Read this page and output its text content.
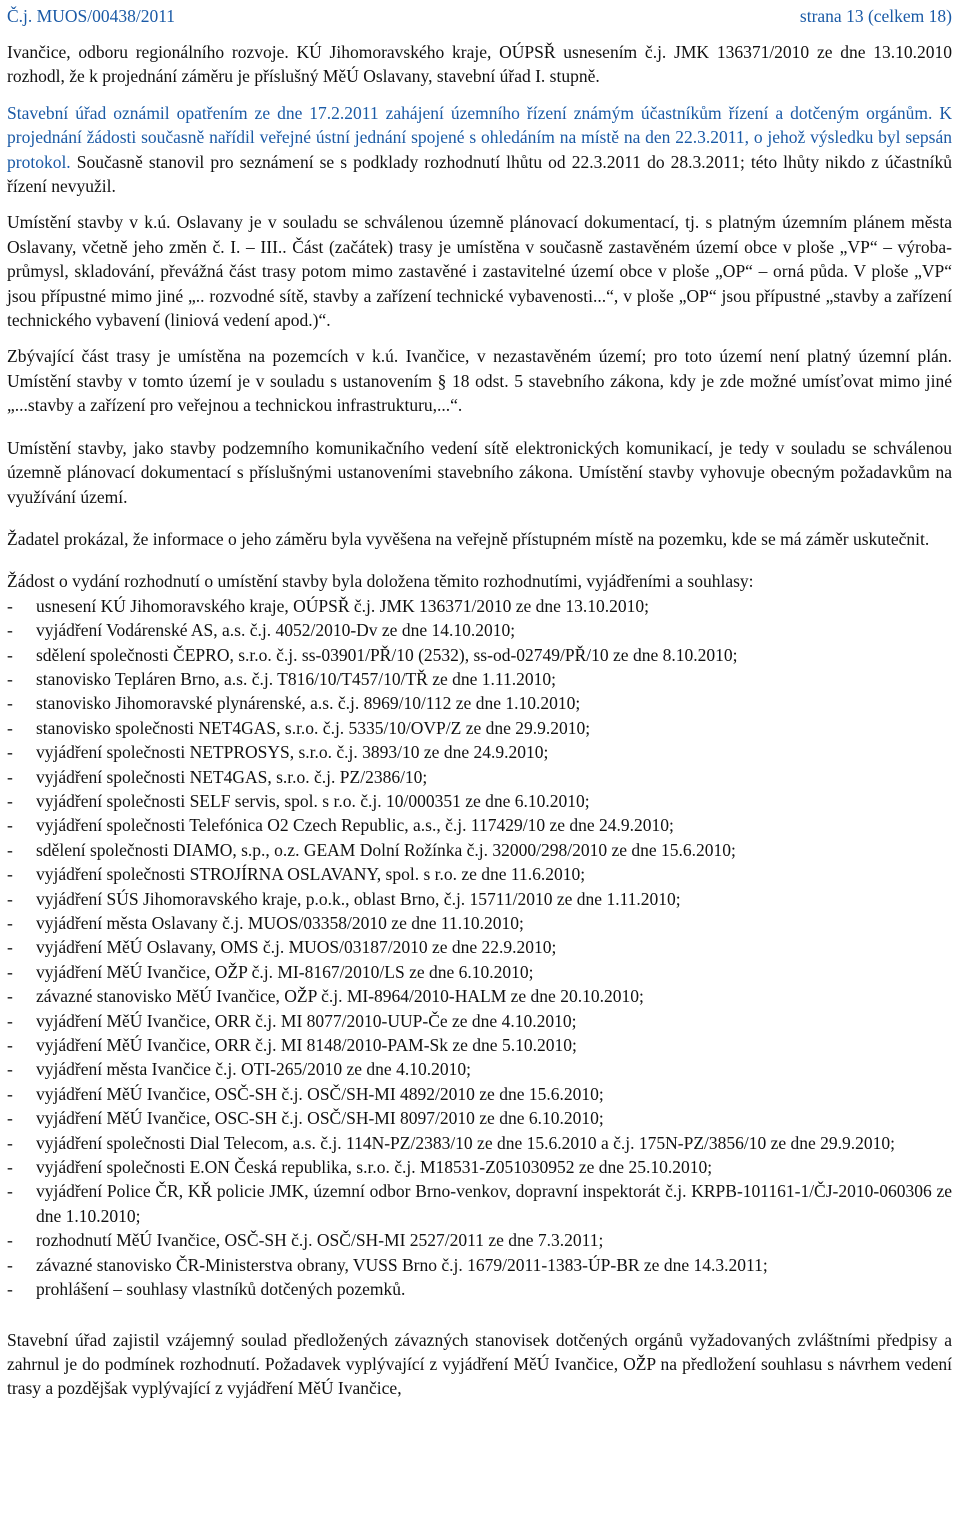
Č.j. MUOS/00438/2011	strana 13 (celkem 18)

Ivančice, odboru regionálního rozvoje. KÚ Jihomoravského kraje, OÚPSŘ usnesením č.j. JMK 136371/2010 ze dne 13.10.2010 rozhodl, že k projednání záměru je příslušný MěÚ Oslavany, stavební úřad I. stupně.

Stavební úřad oznámil opatřením ze dne 17.2.2011 zahájení územního řízení známým účastníkům řízení a dotčeným orgánům. K projednání žádosti současně nařídil veřejné ústní jednání spojené s ohledáním na místě na den 22.3.2011, o jehož výsledku byl sepsán protokol. Současně stanovil pro seznámení se s podklady rozhodnutí lhůtu od 22.3.2011 do 28.3.2011; této lhůty nikdo z účastníků řízení nevyužil.

Umístění stavby v k.ú. Oslavany je v souladu se schválenou územně plánovací dokumentací, tj. s platným územním plánem města Oslavany, včetně jeho změn č. I. – III.. Část (začátek) trasy je umístěna v současně zastavěném území obce v ploše „VP“ – výroba-průmysl, skladování, převážná část trasy potom mimo zastavěné i zastavitelné území obce v ploše „OP“ – orná půda. V ploše „VP“ jsou přípustné mimo jiné „.. rozvodné sítě, stavby a zařízení technické vybavenosti...“, v ploše „OP“ jsou přípustné „stavby a zařízení technického vybavení (liniová vedení apod.)“.

Zbývající část trasy je umístěna na pozemcích v k.ú. Ivančice, v nezastavěném území; pro toto území není platný územní plán. Umístění stavby v tomto území je v souladu s ustanovením § 18 odst. 5 stavebního zákona, kdy je zde možné umísťovat mimo jiné „...stavby a zařízení pro veřejnou a technickou infrastrukturu,...“.

Umístění stavby, jako stavby podzemního komunikačního vedení sítě elektronických komunikací, je tedy v souladu se schválenou územně plánovací dokumentací s příslušnými ustanoveními stavebního zákona. Umístění stavby vyhovuje obecným požadavkům na využívání území.

Žadatel prokázal, že informace o jeho záměru byla vyvěšena na veřejně přístupném místě na pozemku, kde se má záměr uskutečnit.

Žádost o vydání rozhodnutí o umístění stavby byla doložena těmito rozhodnutími, vyjádřeními a souhlasy:

- usnesení KÚ Jihomoravského kraje, OÚPSŘ č.j. JMK 136371/2010 ze dne 13.10.2010;
- vyjádření Vodárenské AS, a.s. č.j. 4052/2010-Dv ze dne 14.10.2010;
- sdělení společnosti ČEPRO, s.r.o. č.j. ss-03901/PŘ/10 (2532), ss-od-02749/PŘ/10 ze dne 8.10.2010;
- stanovisko Tepláren Brno, a.s. č.j. T816/10/T457/10/TŘ ze dne 1.11.2010;
- stanovisko Jihomoravské plynárenské, a.s. č.j. 8969/10/112 ze dne 1.10.2010;
- stanovisko společnosti NET4GAS, s.r.o. č.j. 5335/10/OVP/Z ze dne 29.9.2010;
- vyjádření společnosti NETPROSYS, s.r.o. č.j. 3893/10 ze dne 24.9.2010;
- vyjádření společnosti NET4GAS, s.r.o. č.j. PZ/2386/10;
- vyjádření společnosti SELF servis, spol. s r.o. č.j. 10/000351 ze dne 6.10.2010;
- vyjádření společnosti Telefónica O2 Czech Republic, a.s., č.j. 117429/10 ze dne 24.9.2010;
- sdělení společnosti DIAMO, s.p., o.z. GEAM Dolní Rožínka č.j. 32000/298/2010 ze dne 15.6.2010;
- vyjádření společnosti STROJÍRNA OSLAVANY, spol. s r.o. ze dne 11.6.2010;
- vyjádření SÚS Jihomoravského kraje, p.o.k., oblast Brno, č.j. 15711/2010 ze dne 1.11.2010;
- vyjádření města Oslavany č.j. MUOS/03358/2010 ze dne 11.10.2010;
- vyjádření MěÚ Oslavany, OMS č.j. MUOS/03187/2010 ze dne 22.9.2010;
- vyjádření MěÚ Ivančice, OŽP č.j. MI-8167/2010/LS ze dne 6.10.2010;
- závazné stanovisko MěÚ Ivančice, OŽP č.j. MI-8964/2010-HALM ze dne 20.10.2010;
- vyjádření MěÚ Ivančice, ORR č.j. MI 8077/2010-UUP-Če ze dne 4.10.2010;
- vyjádření MěÚ Ivančice, ORR č.j. MI 8148/2010-PAM-Sk ze dne 5.10.2010;
- vyjádření města Ivančice č.j. OTI-265/2010 ze dne 4.10.2010;
- vyjádření MěÚ Ivančice, OSČ-SH č.j. OSČ/SH-MI 4892/2010 ze dne 15.6.2010;
- vyjádření MěÚ Ivančice, OSC-SH č.j. OSČ/SH-MI 8097/2010 ze dne 6.10.2010;
- vyjádření společnosti Dial Telecom, a.s. č.j. 114N-PZ/2383/10 ze dne 15.6.2010 a č.j. 175N-PZ/3856/10 ze dne 29.9.2010;
- vyjádření společnosti E.ON Česká republika, s.r.o. č.j. M18531-Z051030952 ze dne 25.10.2010;
- vyjádření Police ČR, KŘ policie JMK, územní odbor Brno-venkov, dopravní inspektorát č.j. KRPB-101161-1/ČJ-2010-060306 ze dne 1.10.2010;
- rozhodnutí MěÚ Ivančice, OSČ-SH č.j. OSČ/SH-MI 2527/2011 ze dne 7.3.2011;
- závazné stanovisko ČR-Ministerstva obrany, VUSS Brno č.j. 1679/2011-1383-ÚP-BR ze dne 14.3.2011;
- prohlášení – souhlasy vlastníků dotčených pozemků.

Stavební úřad zajistil vzájemný soulad předložených závazných stanovisek dotčených orgánů vyžadovaných zvláštními předpisy a zahrnul je do podmínek rozhodnutí. Požadavek vyplývající z vyjádření MěÚ Ivančice, OŽP na předložení souhlasu s návrhem vedení trasy a pozdějšak vyplývající z vyjádření MěÚ Ivančice,
